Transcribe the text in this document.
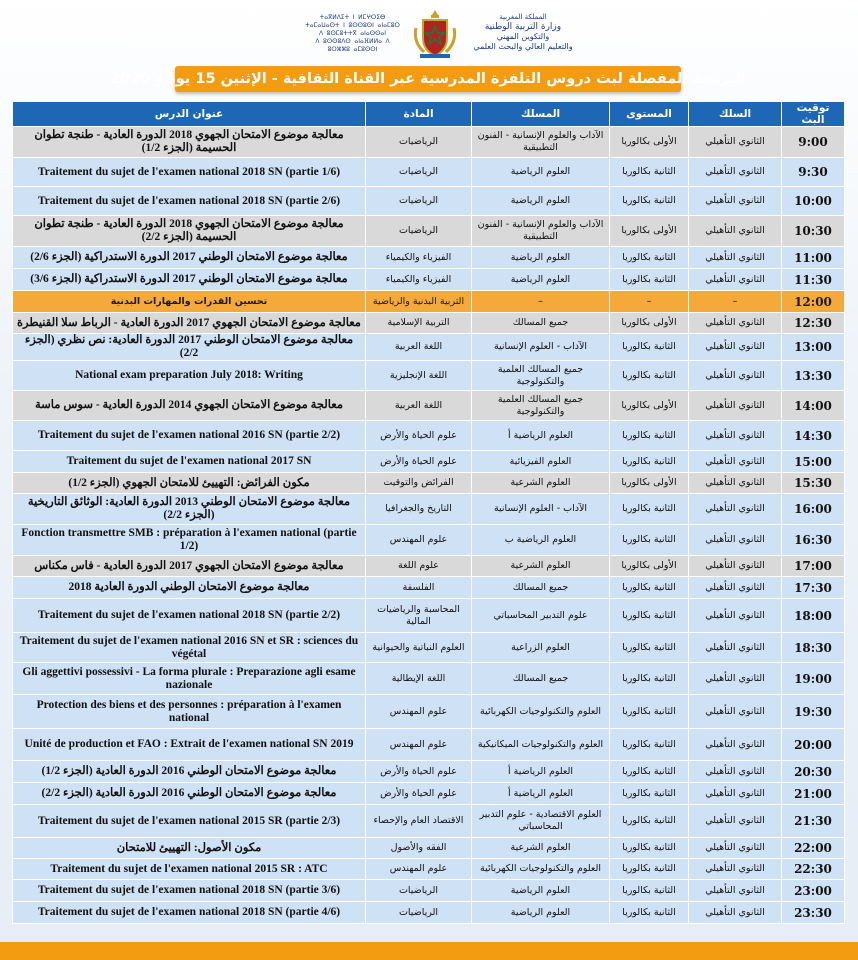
ⵜⴰⴳⵍⴷⵉⵜ ⵏ ⵍⵎⵖⵔⵉⴱ
ⵜⴰⵎⴰⵡⴰⵙⵜ ⵏ ⵓⵙⵙⵓⵙⵏ ⴰⵏⴰⵎⵓⵔ
ⴷ ⵓⵙⵎⵓⵜⵜⴳ ⴰⵏⴰⵙⵙⴰⵏ
ⴷ ⵓⵙⵙⵓⴷⵙ ⴰⵏⴰⴼⵍⵍⴰ ⴷ ⵓⵔⵣⵣⵓ ⴰⵎⵓⵙⵙⵏ
المملكة المغربية
وزارة التربية الوطنية
والتكوين المهني
والتعليم العالي والبحث العلمي
البرمجة المفصلة لبث دروس التلفزة المدرسية عبر القناة الثقافية - الإثنين 15 يونيو 2020
توقيت البث	السلك	المستوى	المسلك	المادة	عنوان الدرس
9:00	الثانوي التأهيلي	الأولى بكالوريا	الآداب والعلوم الإنسانية - الفنون التطبيقية	الرياضيات	معالجة موضوع الامتحان الجهوي 2018 الدورة العادية - طنجة تطوان الحسيمة (الجزء 1/2)
9:30	الثانوي التأهيلي	الثانية بكالوريا	العلوم الرياضية	الرياضيات	Traitement du sujet de l'examen national 2018 SN (partie 1/6)
10:00	الثانوي التأهيلي	الثانية بكالوريا	العلوم الرياضية	الرياضيات	Traitement du sujet de l'examen national 2018 SN (partie 2/6)
10:30	الثانوي التأهيلي	الأولى بكالوريا	الآداب والعلوم الإنسانية - الفنون التطبيقية	الرياضيات	معالجة موضوع الامتحان الجهوي 2018 الدورة العادية - طنجة تطوان الحسيمة (الجزء 2/2)
11:00	الثانوي التأهيلي	الثانية بكالوريا	العلوم الرياضية	الفيزياء والكيمياء	معالجة موضوع الامتحان الوطني 2017 الدورة الاستدراكية (الجزء 2/6)
11:30	الثانوي التأهيلي	الثانية بكالوريا	العلوم الرياضية	الفيزياء والكيمياء	معالجة موضوع الامتحان الوطني 2017 الدورة الاستدراكية (الجزء 3/6)
12:00	–	–	–	التربية البدنية والرياضية	تحسين القدرات والمهارات البدنية
12:30	الثانوي التأهيلي	الأولى بكالوريا	جميع المسالك	التربية الإسلامية	معالجة موضوع الامتحان الجهوي 2017 الدورة العادية - الرباط سلا القنيطرة
13:00	الثانوي التأهيلي	الثانية بكالوريا	الآداب - العلوم الإنسانية	اللغة العربية	معالجة موضوع الامتحان الوطني 2017 الدورة العادية: نص نظري (الجزء 2/2)
13:30	الثانوي التأهيلي	الثانية بكالوريا	جميع المسالك العلمية والتكنولوجية	اللغة الإنجليزية	National exam preparation July 2018: Writing
14:00	الثانوي التأهيلي	الأولى بكالوريا	جميع المسالك العلمية والتكنولوجية	اللغة العربية	معالجة موضوع الامتحان الجهوي 2014 الدورة العادية - سوس ماسة
14:30	الثانوي التأهيلي	الثانية بكالوريا	العلوم الرياضية أ	علوم الحياة والأرض	Traitement du sujet de l'examen national 2016 SN (partie 2/2)
15:00	الثانوي التأهيلي	الثانية بكالوريا	العلوم الفيزيائية	علوم الحياة والأرض	Traitement du sujet de l'examen national 2017 SN
15:30	الثانوي التأهيلي	الأولى بكالوريا	العلوم الشرعية	الفرائض والتوقيت	مكون الفرائض: التهييئ للامتحان الجهوي (الجزء 1/2)
16:00	الثانوي التأهيلي	الثانية بكالوريا	الآداب - العلوم الإنسانية	التاريخ والجغرافيا	معالجة موضوع الامتحان الوطني 2013 الدورة العادية: الوثائق التاريخية (الجزء 2/2)
16:30	الثانوي التأهيلي	الثانية بكالوريا	العلوم الرياضية ب	علوم المهندس	Fonction transmettre SMB : préparation à l'examen national (partie 1/2)
17:00	الثانوي التأهيلي	الأولى بكالوريا	العلوم الشرعية	علوم اللغة	معالجة موضوع الامتحان الجهوي 2017 الدورة العادية - فاس مكناس
17:30	الثانوي التأهيلي	الثانية بكالوريا	جميع المسالك	الفلسفة	معالجة موضوع الامتحان الوطني الدورة العادية 2018
18:00	الثانوي التأهيلي	الثانية بكالوريا	علوم التدبير المحاسباتي	المحاسبة والرياضيات المالية	Traitement du sujet de l'examen national 2018 SN (partie 2/2)
18:30	الثانوي التأهيلي	الثانية بكالوريا	العلوم الزراعية	العلوم النباتية والحيوانية	Traitement du sujet de l'examen national 2016 SN et SR : sciences du végétal
19:00	الثانوي التأهيلي	الثانية بكالوريا	جميع المسالك	اللغة الإيطالية	Gli aggettivi possessivi - La forma plurale : Preparazione agli esame nazionale
19:30	الثانوي التأهيلي	الثانية بكالوريا	العلوم والتكنولوجيات الكهربائية	علوم المهندس	Protection des biens et des personnes : préparation à l'examen national
20:00	الثانوي التأهيلي	الثانية بكالوريا	العلوم والتكنولوجيات الميكانيكية	علوم المهندس	Unité de production et FAO : Extrait de l'examen national SN 2019
20:30	الثانوي التأهيلي	الثانية بكالوريا	العلوم الرياضية أ	علوم الحياة والأرض	معالجة موضوع الامتحان الوطني 2016 الدورة العادية (الجزء 1/2)
21:00	الثانوي التأهيلي	الثانية بكالوريا	العلوم الرياضية أ	علوم الحياة والأرض	معالجة موضوع الامتحان الوطني 2016 الدورة العادية (الجزء 2/2)
21:30	الثانوي التأهيلي	الثانية بكالوريا	العلوم الاقتصادية - علوم التدبير المحاسباتي	الاقتصاد العام والإحصاء	Traitement du sujet de l'examen national 2015 SR (partie 2/3)
22:00	الثانوي التأهيلي	الثانية بكالوريا	العلوم الشرعية	الفقه والأصول	مكون الأصول: التهييئ للامتحان
22:30	الثانوي التأهيلي	الثانية بكالوريا	العلوم والتكنولوجيات الكهربائية	علوم المهندس	Traitement du sujet de l'examen national 2015 SR : ATC
23:00	الثانوي التأهيلي	الثانية بكالوريا	العلوم الرياضية	الرياضيات	Traitement du sujet de l'examen national 2018 SN (partie 3/6)
23:30	الثانوي التأهيلي	الثانية بكالوريا	العلوم الرياضية	الرياضيات	Traitement du sujet de l'examen national 2018 SN (partie 4/6)
